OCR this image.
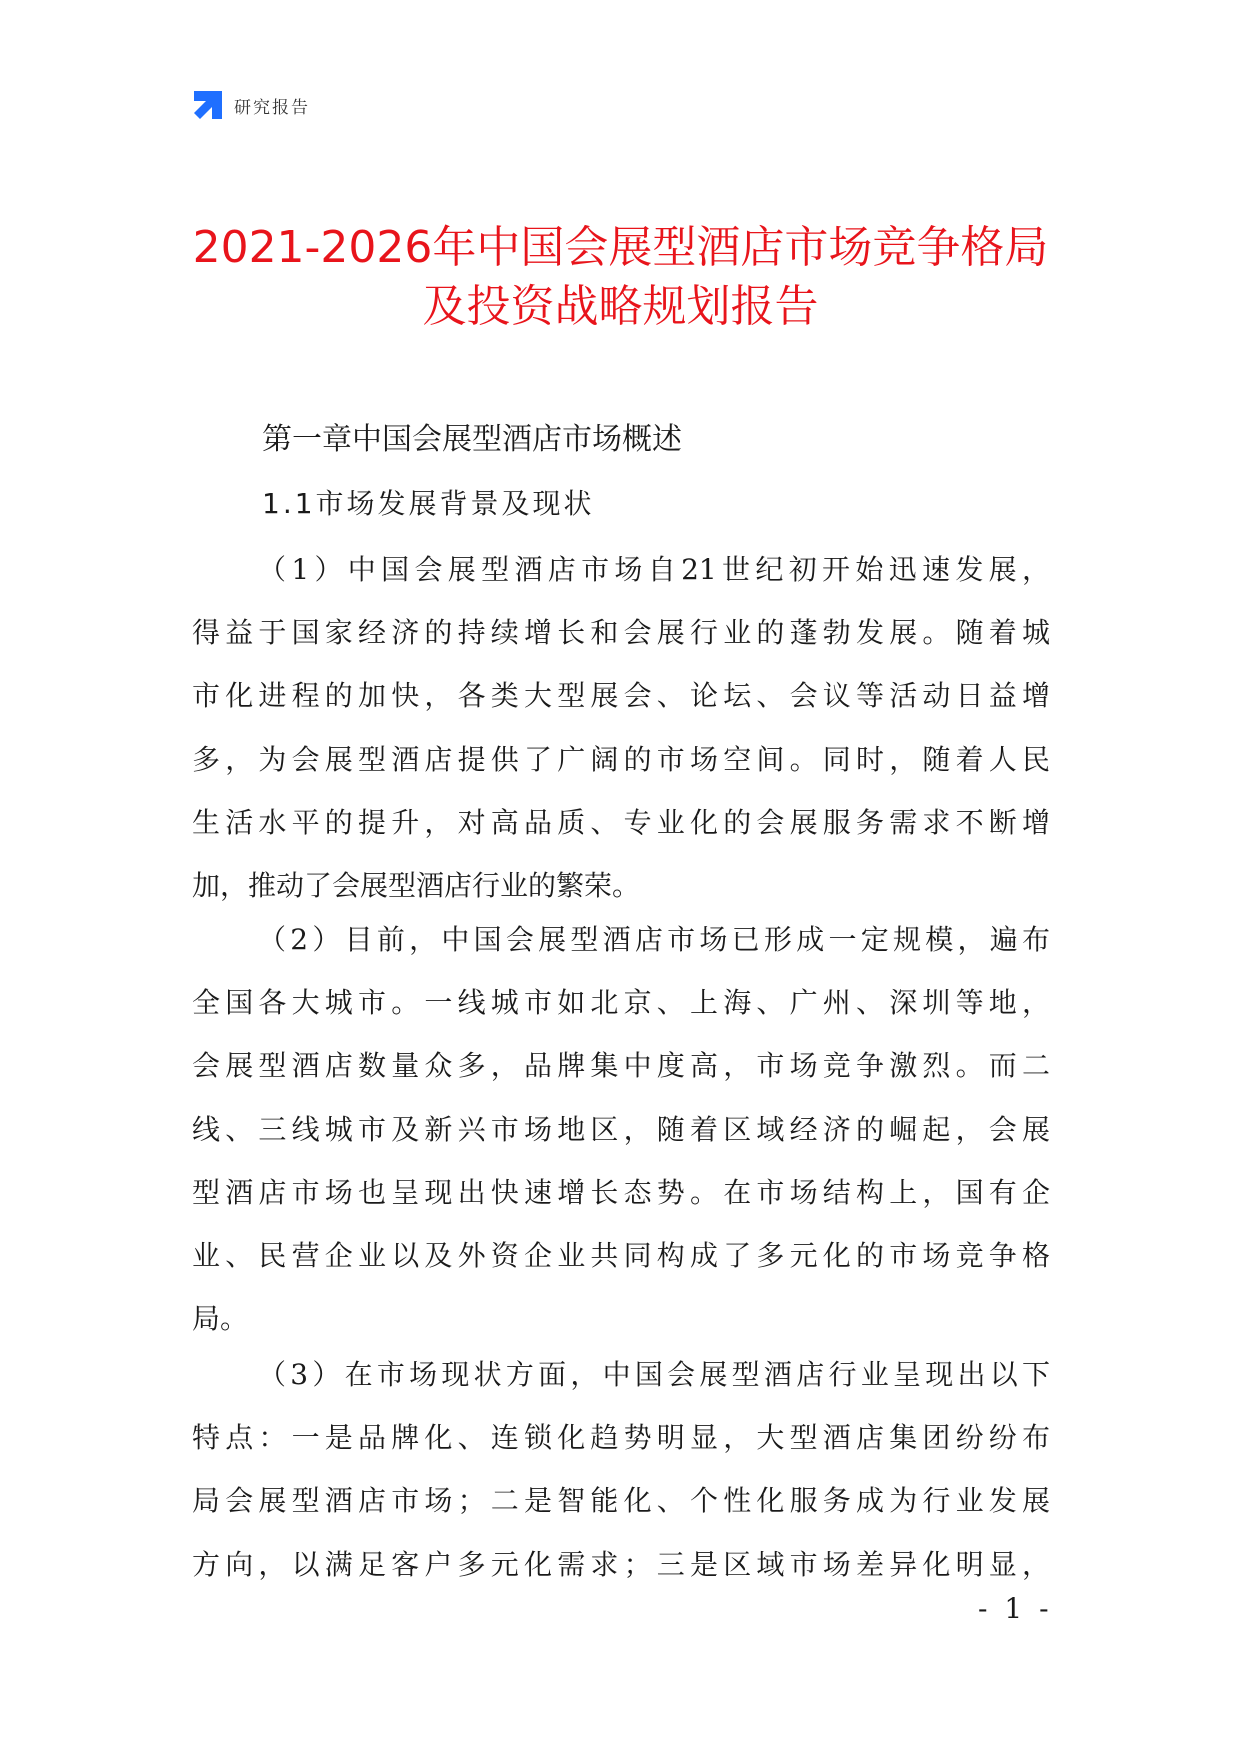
研究报告
2021-2026年中国会展型酒店市场竞争格局
及投资战略规划报告
第一章中国会展型酒店市场概述
1.1市场发展背景及现状
（1）中国会展型酒店市场自21世纪初开始迅速发展，
得益于国家经济的持续增长和会展行业的蓬勃发展。随着城
市化进程的加快，各类大型展会、论坛、会议等活动日益增
多，为会展型酒店提供了广阔的市场空间。同时，随着人民
生活水平的提升，对高品质、专业化的会展服务需求不断增
加，推动了会展型酒店行业的繁荣。
（2）目前，中国会展型酒店市场已形成一定规模，遍布
全国各大城市。一线城市如北京、上海、广州、深圳等地，
会展型酒店数量众多，品牌集中度高，市场竞争激烈。而二
线、三线城市及新兴市场地区，随着区域经济的崛起，会展
型酒店市场也呈现出快速增长态势。在市场结构上，国有企
业、民营企业以及外资企业共同构成了多元化的市场竞争格
局。
（3）在市场现状方面，中国会展型酒店行业呈现出以下
特点：一是品牌化、连锁化趋势明显，大型酒店集团纷纷布
局会展型酒店市场；二是智能化、个性化服务成为行业发展
方向，以满足客户多元化需求；三是区域市场差异化明显，
- 1 -
